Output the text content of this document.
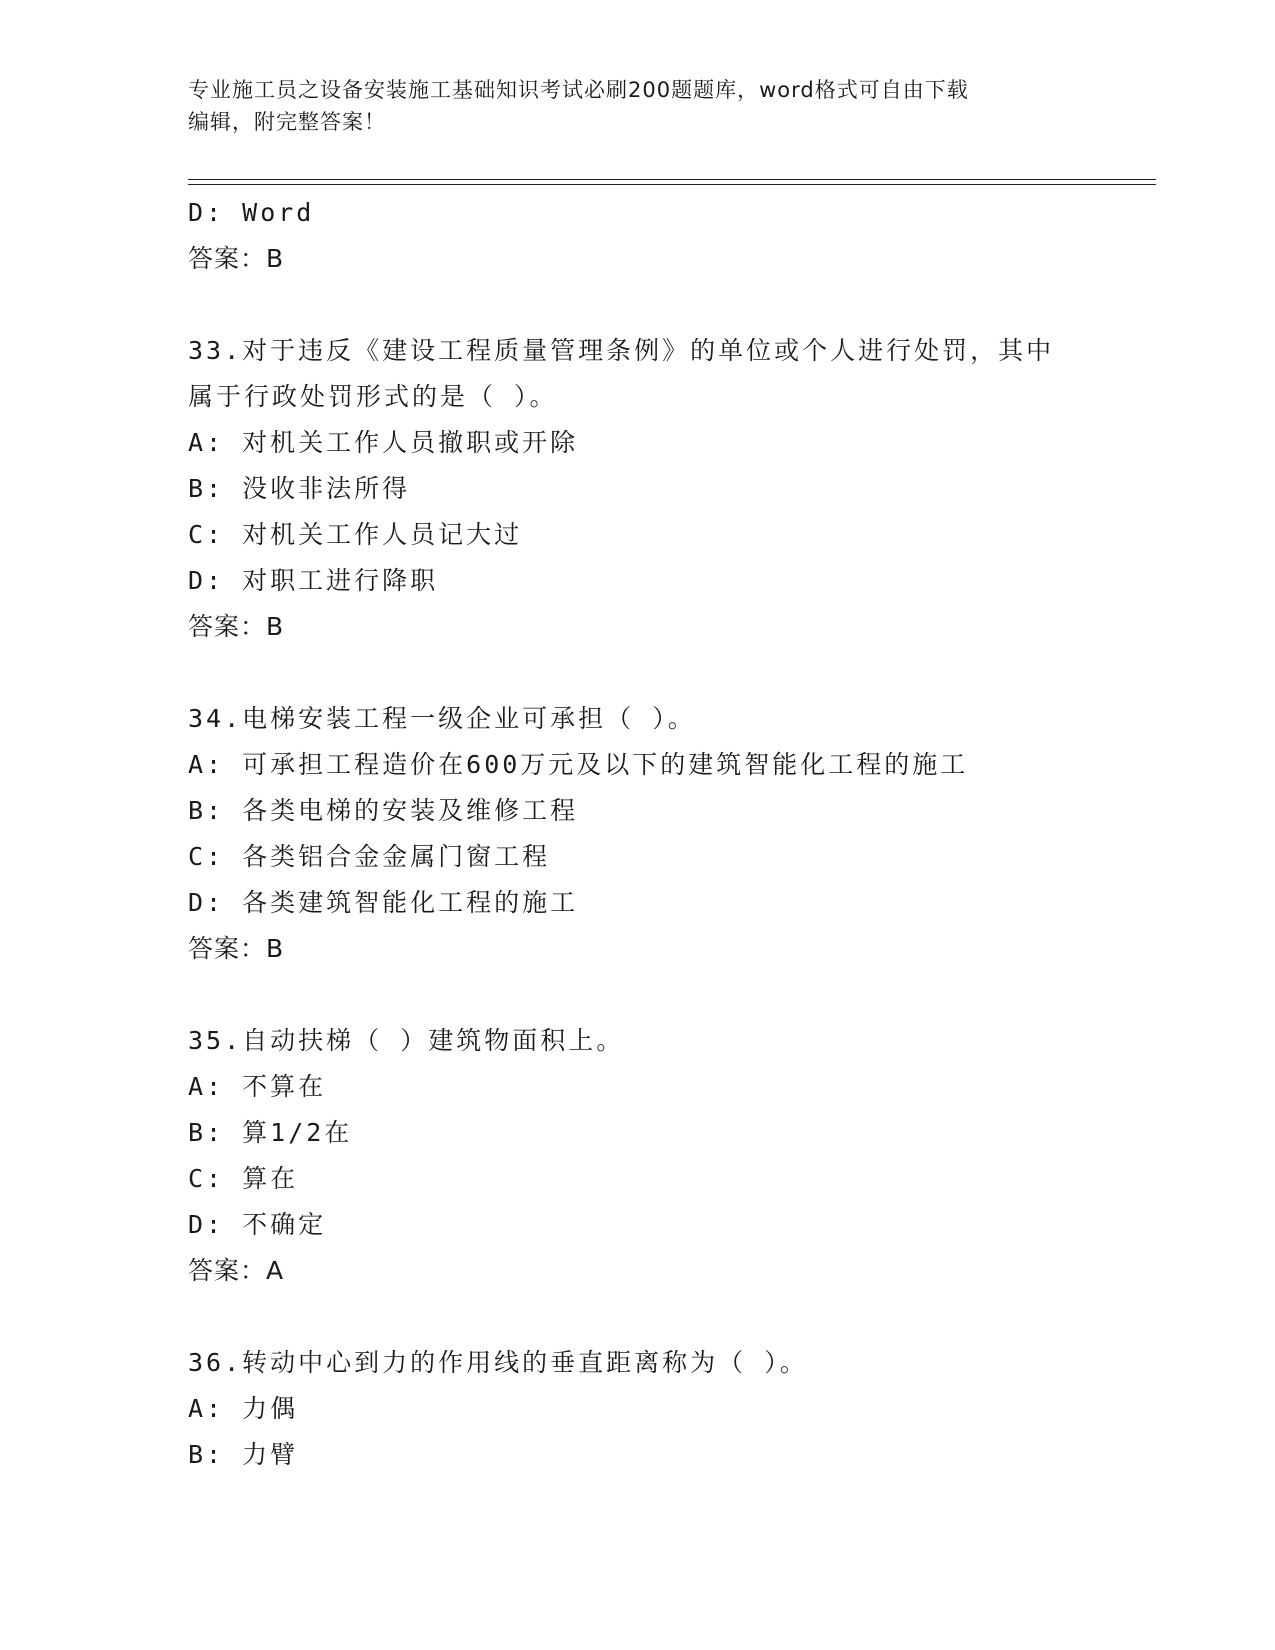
专业施工员之设备安装施工基础知识考试必刷200题题库，word格式可自由下载
编辑，附完整答案！
D: Word
答案：B
33.对于违反《建设工程质量管理条例》的单位或个人进行处罚，其中
属于行政处罚形式的是（ ）。
A: 对机关工作人员撤职或开除
B: 没收非法所得
C: 对机关工作人员记大过
D: 对职工进行降职
答案：B
34.电梯安装工程一级企业可承担（ ）。
A: 可承担工程造价在600万元及以下的建筑智能化工程的施工
B: 各类电梯的安装及维修工程
C: 各类铝合金金属门窗工程
D: 各类建筑智能化工程的施工
答案：B
35.自动扶梯（ ）建筑物面积上。
A: 不算在
B: 算1/2在
C: 算在
D: 不确定
答案：A
36.转动中心到力的作用线的垂直距离称为（ ）。
A: 力偶
B: 力臂
